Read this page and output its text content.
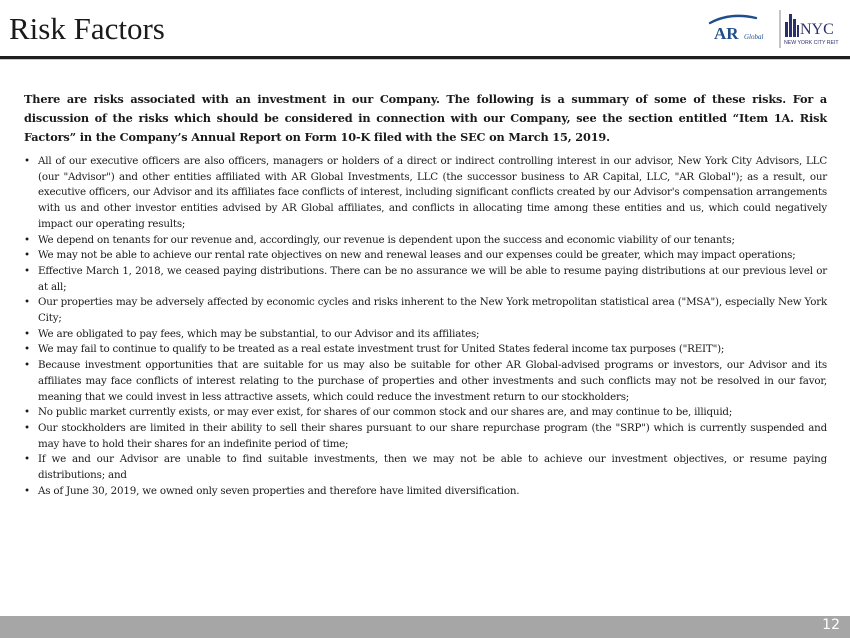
Risk Factors	AR Global NYC
NEW YORK CITY REIT

There are risks associated with an investment in our Company. The following is a summary of some of these risks. For a discussion of the risks which should be considered in connection with our Company, see the section entitled “Item 1A. Risk Factors” in the Company’s Annual Report on Form 10-K filed with the SEC on March 15, 2019.

• All of our executive officers are also officers, managers or holders of a direct or indirect controlling interest in our advisor, New York City Advisors, LLC (our "Advisor") and other entities affiliated with AR Global Investments, LLC (the successor business to AR Capital, LLC, "AR Global"); as a result, our executive officers, our Advisor and its affiliates face conflicts of interest, including significant conflicts created by our Advisor's compensation arrangements with us and other investor entities advised by AR Global affiliates, and conflicts in allocating time among these entities and us, which could negatively impact our operating results;
• We depend on tenants for our revenue and, accordingly, our revenue is dependent upon the success and economic viability of our tenants;
• We may not be able to achieve our rental rate objectives on new and renewal leases and our expenses could be greater, which may impact operations;
• Effective March 1, 2018, we ceased paying distributions. There can be no assurance we will be able to resume paying distributions at our previous level or at all;
• Our properties may be adversely affected by economic cycles and risks inherent to the New York metropolitan statistical area ("MSA"), especially New York City;
• We are obligated to pay fees, which may be substantial, to our Advisor and its affiliates;
• We may fail to continue to qualify to be treated as a real estate investment trust for United States federal income tax purposes ("REIT");
• Because investment opportunities that are suitable for us may also be suitable for other AR Global-advised programs or investors, our Advisor and its affiliates may face conflicts of interest relating to the purchase of properties and other investments and such conflicts may not be resolved in our favor, meaning that we could invest in less attractive assets, which could reduce the investment return to our stockholders;
• No public market currently exists, or may ever exist, for shares of our common stock and our shares are, and may continue to be, illiquid;
• Our stockholders are limited in their ability to sell their shares pursuant to our share repurchase program (the "SRP") which is currently suspended and may have to hold their shares for an indefinite period of time;
• If we and our Advisor are unable to find suitable investments, then we may not be able to achieve our investment objectives, or resume paying distributions; and
• As of June 30, 2019, we owned only seven properties and therefore have limited diversification.
12
